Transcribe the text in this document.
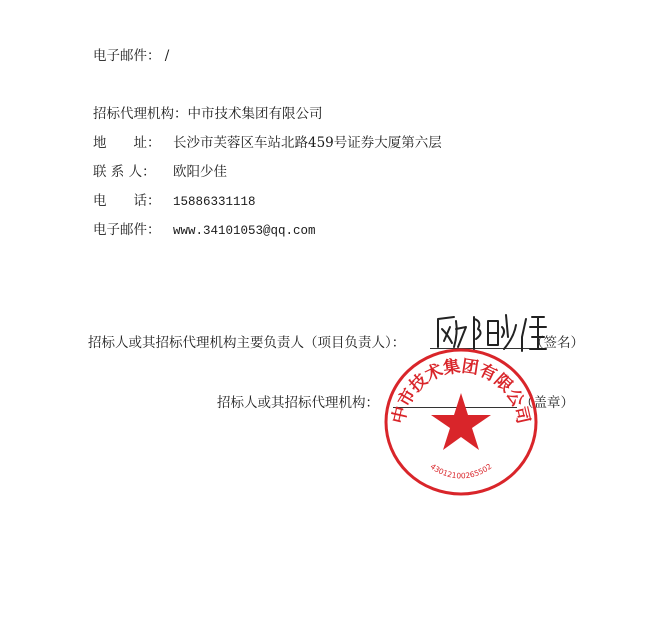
电子邮件： /
招标代理机构：中市技术集团有限公司
地　　址： 长沙市芙蓉区车站北路459号证券大厦第六层
联 系 人： 欧阳少佳
电　　话： 15886331118
电子邮件： www.34101053@qq.com
招标人或其招标代理机构主要负责人（项目负责人）：	（签名）
招标人或其招标代理机构：	（盖章）
中市技术集团有限公司
4301210026550​2
